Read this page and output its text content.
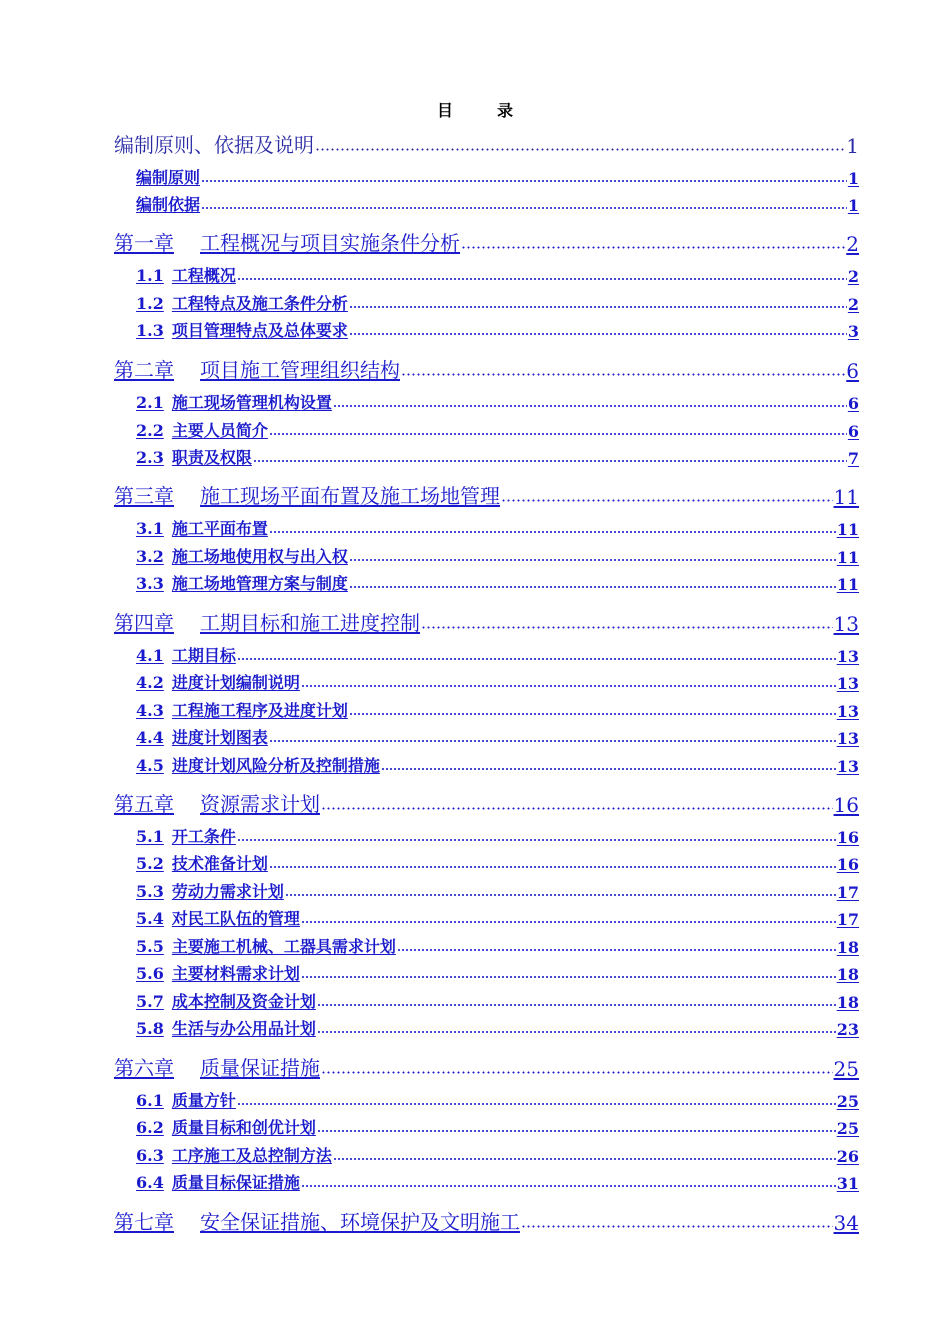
目　录
编制原则、依据及说明	1
编制原则	1
编制依据	1
第一章 工程概况与项目实施条件分析	2
1.1 工程概况	2
1.2 工程特点及施工条件分析	2
1.3 项目管理特点及总体要求	3
第二章 项目施工管理组织结构	6
2.1 施工现场管理机构设置	6
2.2 主要人员简介	6
2.3 职责及权限	7
第三章 施工现场平面布置及施工场地管理	11
3.1 施工平面布置	11
3.2 施工场地使用权与出入权	11
3.3 施工场地管理方案与制度	11
第四章 工期目标和施工进度控制	13
4.1 工期目标	13
4.2 进度计划编制说明	13
4.3 工程施工程序及进度计划	13
4.4 进度计划图表	13
4.5 进度计划风险分析及控制措施	13
第五章 资源需求计划	16
5.1 开工条件	16
5.2 技术准备计划	16
5.3 劳动力需求计划	17
5.4 对民工队伍的管理	17
5.5 主要施工机械、工器具需求计划	18
5.6 主要材料需求计划	18
5.7 成本控制及资金计划	18
5.8 生活与办公用品计划	23
第六章 质量保证措施	25
6.1 质量方针	25
6.2 质量目标和创优计划	25
6.3 工序施工及总控制方法	26
6.4 质量目标保证措施	31
第七章 安全保证措施、环境保护及文明施工	34
